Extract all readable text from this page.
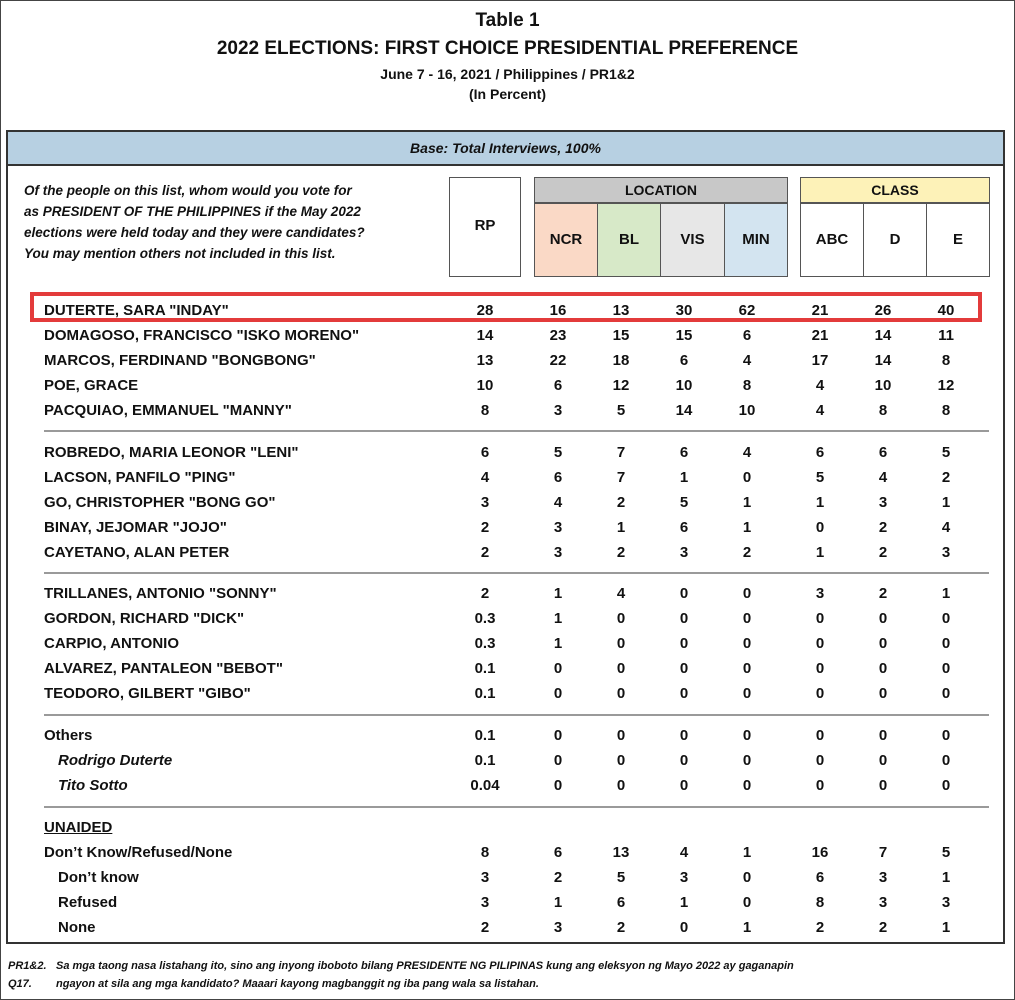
Table 1
2022 ELECTIONS: FIRST CHOICE PRESIDENTIAL PREFERENCE
June 7 - 16, 2021 / Philippines / PR1&2
(In Percent)
Base: Total Interviews, 100%
Of the people on this list, whom would you vote for
as PRESIDENT OF THE PHILIPPINES if the May 2022
elections were held today and they were candidates?
You may mention others not included in this list.
RP
LOCATION
NCR	BL	VIS	MIN
CLASS
ABC	D	E
DUTERTE, SARA "INDAY"	28	16	13	30	62	21	26	40
DOMAGOSO, FRANCISCO "ISKO MORENO"	14	23	15	15	6	21	14	11
MARCOS, FERDINAND "BONGBONG"	13	22	18	6	4	17	14	8
POE, GRACE	10	6	12	10	8	4	10	12
PACQUIAO, EMMANUEL "MANNY"	8	3	5	14	10	4	8	8
ROBREDO, MARIA LEONOR "LENI"	6	5	7	6	4	6	6	5
LACSON, PANFILO "PING"	4	6	7	1	0	5	4	2
GO, CHRISTOPHER "BONG GO"	3	4	2	5	1	1	3	1
BINAY, JEJOMAR "JOJO"	2	3	1	6	1	0	2	4
CAYETANO, ALAN PETER	2	3	2	3	2	1	2	3
TRILLANES, ANTONIO "SONNY"	2	1	4	0	0	3	2	1
GORDON, RICHARD "DICK"	0.3	1	0	0	0	0	0	0
CARPIO, ANTONIO	0.3	1	0	0	0	0	0	0
ALVAREZ, PANTALEON "BEBOT"	0.1	0	0	0	0	0	0	0
TEODORO, GILBERT "GIBO"	0.1	0	0	0	0	0	0	0
Others	0.1	0	0	0	0	0	0	0
Rodrigo Duterte	0.1	0	0	0	0	0	0	0
Tito Sotto	0.04	0	0	0	0	0	0	0
UNAIDED
Don’t Know/Refused/None	8	6	13	4	1	16	7	5
Don’t know	3	2	5	3	0	6	3	1
Refused	3	1	6	1	0	8	3	3
None	2	3	2	0	1	2	2	1
PR1&2. Sa mga taong nasa listahang ito, sino ang inyong iboboto bilang PRESIDENTE NG PILIPINAS kung ang eleksyon ng Mayo 2022 ay gaganapin
Q17. ngayon at sila ang mga kandidato? Maaari kayong magbanggit ng iba pang wala sa listahan.
